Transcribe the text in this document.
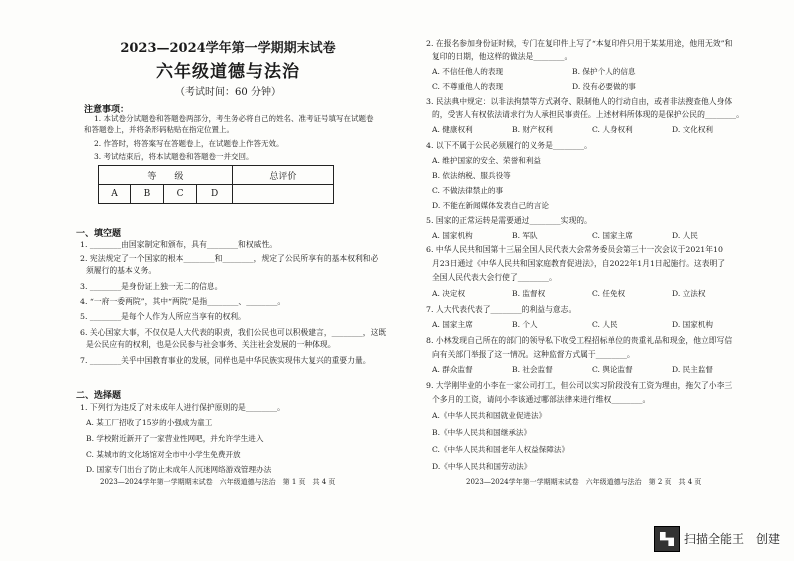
2023—2024学年第一学期期末试卷
六年级道德与法治
（考试时间：60 分钟）
注意事项：
1. 本试卷分试题卷和答题卷两部分，考生务必将自己的姓名、准考证号填写在试题卷
和答题卷上，并将条形码粘贴在指定位置上。
2. 作答时，将答案写在答题卷上，在试题卷上作答无效。
3. 考试结束后，将本试题卷和答题卷一并交回。
等　　级				总评价
A	B	C	D	
一、填空题
1. ________由国家制定和颁布，具有________和权威性。
2. 宪法规定了一个国家的根本________和________，规定了公民所享有的基本权利和必
须履行的基本义务。
3. ________是身份证上独一无二的信息。
4. “一府一委两院”，其中“两院”是指________、________。
5. ________是每个人作为人所应当享有的权利。
6. 关心国家大事，不仅仅是人大代表的职责，我们公民也可以积极建言，________，这既
是公民应有的权利，也是公民参与社会事务、关注社会发展的一种体现。
7. ________关乎中国教育事业的发展，同样也是中华民族实现伟大复兴的重要力量。
二、选择题
1. 下列行为违反了对未成年人进行保护原则的是________。
A. 某工厂招收了15岁的小强成为童工
B. 学校附近新开了一家营业性网吧，并允许学生进入
C. 某城市的文化场馆对全市中小学生免费开放
D. 国家专门出台了防止未成年人沉迷网络游戏管理办法
2023—2024学年第一学期期末试卷　六年级道德与法治　第 1 页　共 4 页
2. 在报名参加身份证时候，专门在复印件上写了“本复印件只用于某某用途，他用无效”和
复印的日期，他这样的做法是________。
A. 不信任他人的表现	B. 保护个人的信息
C. 不尊重他人的表现	D. 没有必要做的事
3. 民法典中规定：以非法拘禁等方式剥夺、限制他人的行动自由，或者非法搜查他人身体
的，受害人有权依法请求行为人承担民事责任。上述材料所体现的是保护公民的________。
A. 健康权利	B. 财产权利	C. 人身权利	D. 文化权利
4. 以下不属于公民必须履行的义务是________。
A. 维护国家的安全、荣誉和利益
B. 依法纳税、服兵役等
C. 不做法律禁止的事
D. 不能在新闻媒体发表自己的言论
5. 国家的正常运转是需要通过________实现的。
A. 国家机构	B. 军队	C. 国家主席	D. 人民
6. 中华人民共和国第十三届全国人民代表大会常务委员会第三十一次会议于2021年10
月23日通过《中华人民共和国家庭教育促进法》，自2022年1月1日起施行。这表明了
全国人民代表大会行使了________。
A. 决定权	B. 监督权	C. 任免权	D. 立法权
7. 人大代表代表了________的利益与意志。
A. 国家主席	B. 个人	C. 人民	D. 国家机构
8. 小林发现自己所在的部门的领导私下收受工程招标单位的贵重礼品和现金，他立即写信
向有关部门举报了这一情况。这种监督方式属于________。
A. 群众监督	B. 社会监督	C. 舆论监督	D. 民主监督
9. 大学刚毕业的小李在一家公司打工，但公司以实习阶段没有工资为理由，拖欠了小李三
个多月的工资，请问小李该通过哪部法律来进行维权________。
A.《中华人民共和国就业促进法》
B.《中华人民共和国继承法》
C.《中华人民共和国老年人权益保障法》
D.《中华人民共和国劳动法》
2023—2024学年第一学期期末试卷　六年级道德与法治　第 2 页　共 4 页
扫描全能王　创建
